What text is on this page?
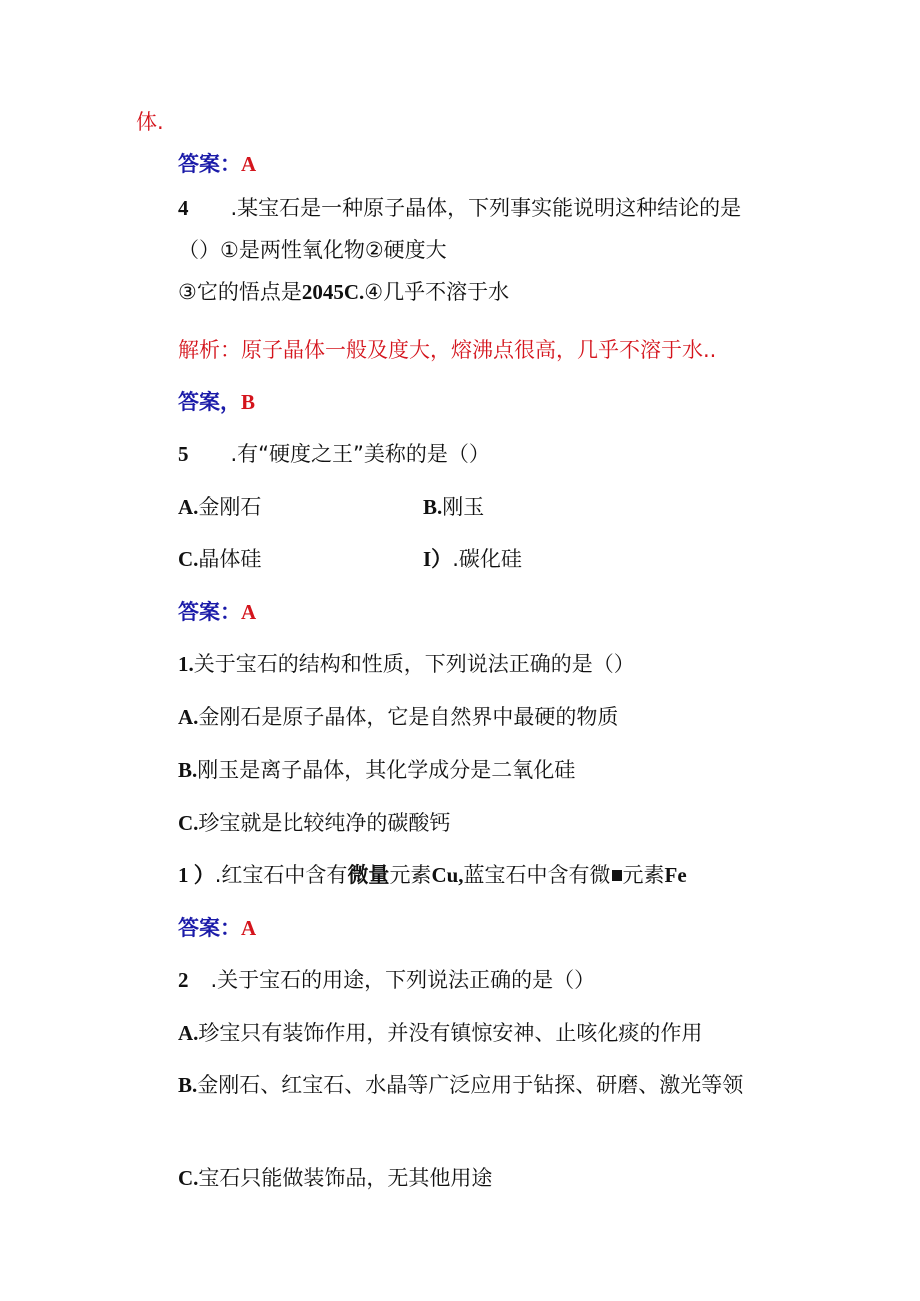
体.
答案：A
4 .某宝石是一种原子晶体，下列事实能说明这种结论的是
（）①是两性氧化物②硬度大
③它的悟点是2045C.④几乎不溶于水
解析：原子晶体一般及度大，熔沸点很高，几乎不溶于水..
答案，B
5 .有“硬度之王”美称的是（）
A.金刚石	B.刚玉
C.晶体硅	I）.碳化硅
答案：A
1.关于宝石的结构和性质，下列说法正确的是（）
A.金刚石是原子晶体，它是自然界中最硬的物质
B.刚玉是离子晶体，其化学成分是二氧化硅
C.珍宝就是比较纯净的碳酸钙
1 ）.红宝石中含有微量元素Cu,蓝宝石中含有微 元素Fe
答案：A
2 .关于宝石的用途，下列说法正确的是（）
A.珍宝只有装饰作用，并没有镇惊安神、止咳化痰的作用
B.金刚石、红宝石、水晶等广泛应用于钻探、研磨、激光等领
C.宝石只能做装饰品，无其他用途
